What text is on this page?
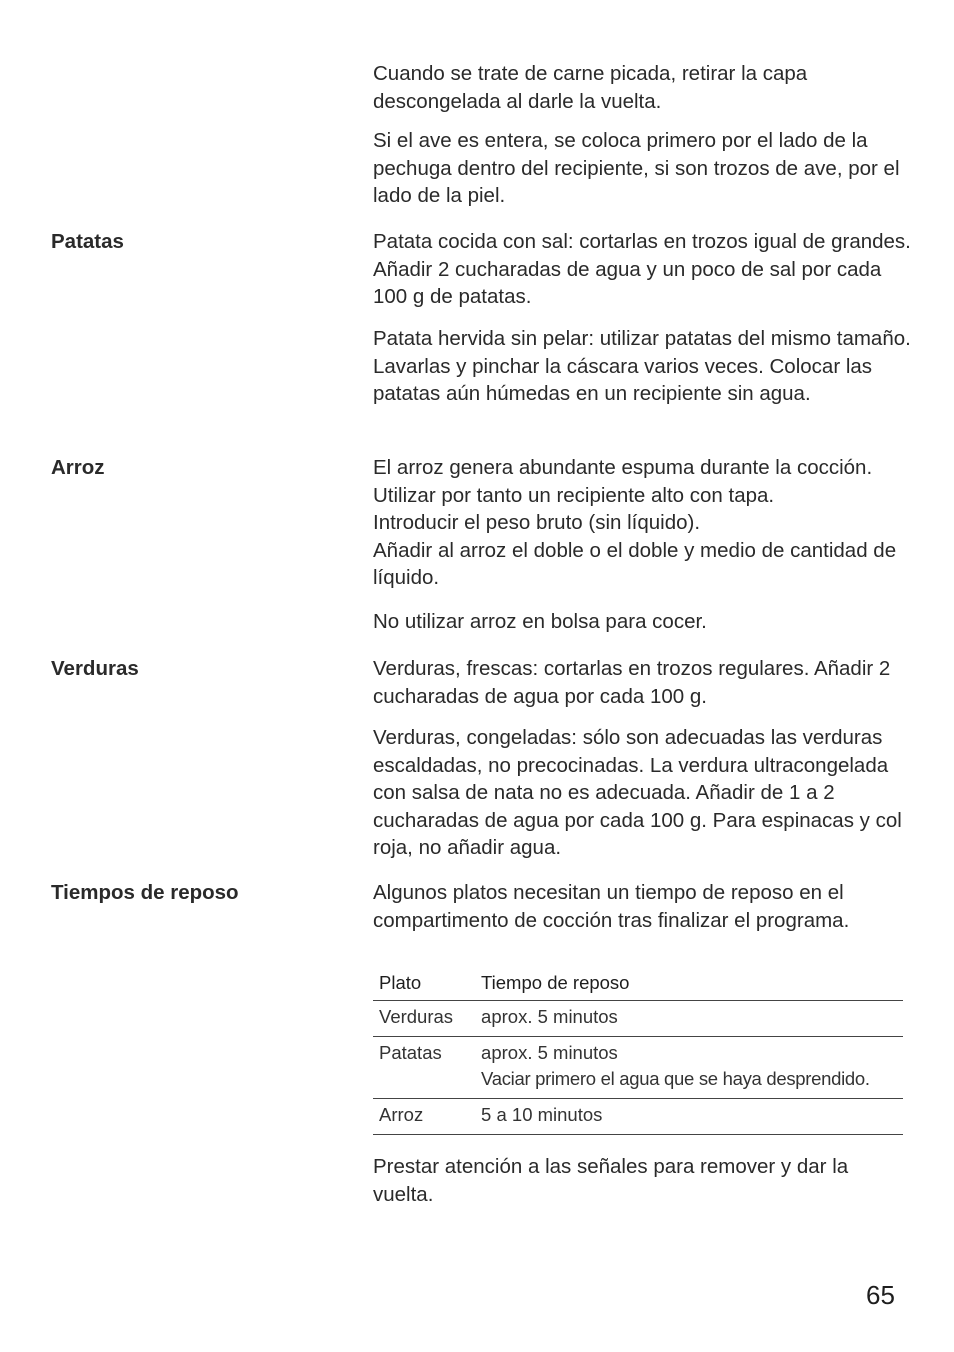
Cuando se trate de carne picada, retirar la capa descongelada al darle la vuelta.

Si el ave es entera, se coloca primero por el lado de la pechuga dentro del recipiente, si son trozos de ave, por el lado de la piel.

Patatas	Patata cocida con sal: cortarlas en trozos igual de grandes. Añadir 2 cucharadas de agua y un poco de sal por cada 100 g de patatas.

Patata hervida sin pelar: utilizar patatas del mismo tamaño. Lavarlas y pinchar la cáscara varios veces. Colocar las patatas aún húmedas en un recipiente sin agua.

Arroz	El arroz genera abundante espuma durante la cocción. Utilizar por tanto un recipiente alto con tapa.
Introducir el peso bruto (sin líquido).
Añadir al arroz el doble o el doble y medio de cantidad de líquido.

No utilizar arroz en bolsa para cocer.

Verduras	Verduras, frescas: cortarlas en trozos regulares. Añadir 2 cucharadas de agua por cada 100 g.

Verduras, congeladas: sólo son adecuadas las verduras escaldadas, no precocinadas. La verdura ultracongelada con salsa de nata no es adecuada. Añadir de 1 a 2 cucharadas de agua por cada 100 g. Para espinacas y col roja, no añadir agua.

Tiempos de reposo	Algunos platos necesitan un tiempo de reposo en el compartimento de cocción tras finalizar el programa.

Plato		Tiempo de reposo
Verduras		aprox. 5 minutos
Patatas		aprox. 5 minutos
Vaciar primero el agua que se haya desprendido.

Arroz		5 a 10 minutos

Prestar atención a las señales para remover y dar la vuelta.

65
